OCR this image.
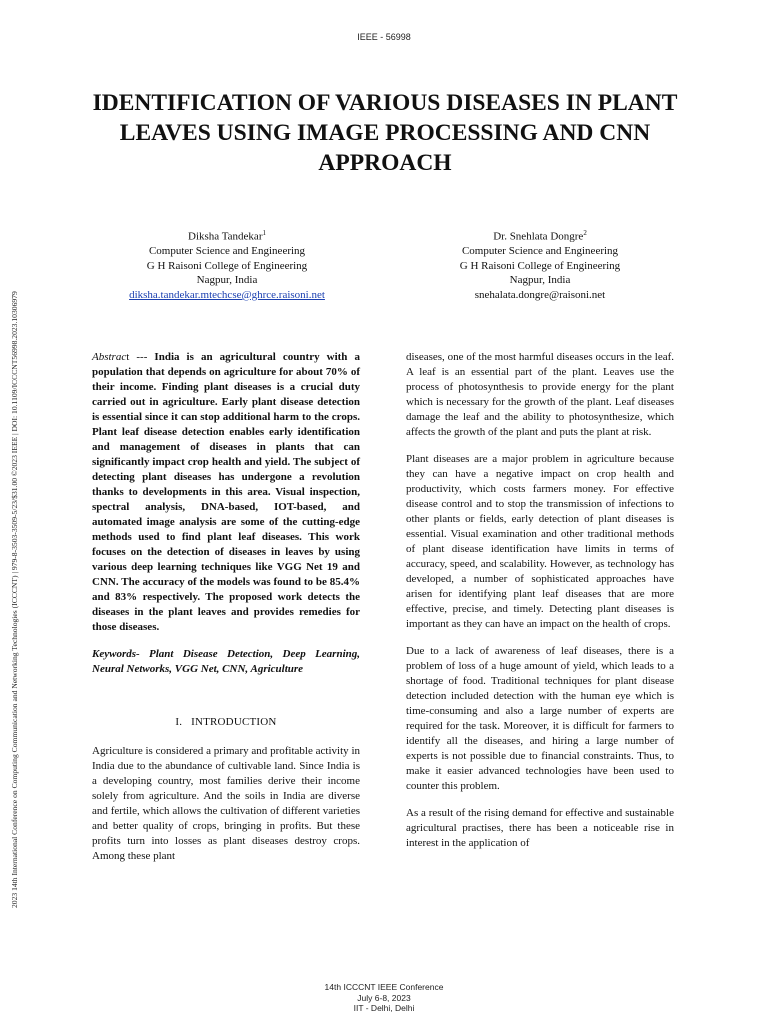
IEEE - 56998
IDENTIFICATION OF VARIOUS DISEASES IN PLANT LEAVES USING IMAGE PROCESSING AND CNN APPROACH
2023 14th International Conference on Computing Communication and Networking Technologies (ICCCNT) | 979-8-3503-3509-5/23/$31.00 ©2023 IEEE | DOI: 10.1109/ICCCNT56998.2023.10306979
Diksha Tandekar$^1$
Computer Science and Engineering
G H Raisoni College of Engineering
Nagpur, India
diksha.tandekar.mtechcse@ghrce.raisoni.net
Dr. Snehlata Dongre$^2$
Computer Science and Engineering
G H Raisoni College of Engineering
Nagpur, India
snehalata.dongre@raisoni.net

Abstract --- India is an agricultural country with a population that depends on agriculture for about 70% of their income. Finding plant diseases is a crucial duty carried out in agriculture. Early plant disease detection is essential since it can stop additional harm to the crops. Plant leaf disease detection enables early identification and management of diseases in plants that can significantly impact crop health and yield. The subject of detecting plant diseases has undergone a revolution thanks to developments in this area. Visual inspection, spectral analysis, DNA-based, IOT-based, and automated image analysis are some of the cutting-edge methods used to find plant leaf diseases. This work focuses on the detection of diseases in leaves by using various deep learning techniques like VGG Net 19 and CNN. The accuracy of the models was found to be 85.4% and 83% respectively. The proposed work detects the diseases in the plant leaves and provides remedies for those diseases.

Keywords- Plant Disease Detection, Deep Learning, Neural Networks, VGG Net, CNN, Agriculture

I. INTRODUCTION

Agriculture is considered a primary and profitable activity in India due to the abundance of cultivable land. Since India is a developing country, most families derive their income solely from agriculture. And the soils in India are diverse and fertile, which allows the cultivation of different varieties and better quality of crops, bringing in profits. But these profits turn into losses as plant diseases destroy crops. Among these plant

diseases, one of the most harmful diseases occurs in the leaf. A leaf is an essential part of the plant. Leaves use the process of photosynthesis to provide energy for the plant which is necessary for the growth of the plant. Leaf diseases damage the leaf and the ability to photosynthesize, which affects the growth of the plant and puts the plant at risk.

Plant diseases are a major problem in agriculture because they can have a negative impact on crop health and productivity, which costs farmers money. For effective disease control and to stop the transmission of infections to other plants or fields, early detection of plant diseases is essential. Visual examination and other traditional methods of plant disease identification have limits in terms of accuracy, speed, and scalability. However, as technology has developed, a number of sophisticated approaches have arisen for identifying plant leaf diseases that are more effective, precise, and timely. Detecting plant diseases is important as they can have an impact on the health of crops.

Due to a lack of awareness of leaf diseases, there is a problem of loss of a huge amount of yield, which leads to a shortage of food. Traditional techniques for plant disease detection included detection with the human eye which is time-consuming and also a large number of experts are required for the task. Moreover, it is difficult for farmers to identify all the diseases, and hiring a large number of experts is not possible due to financial constraints. Thus, to make it easier advanced technologies have been used to counter this problem.

As a result of the rising demand for effective and sustainable agricultural practises, there has been a noticeable rise in interest in the application of

14th ICCCNT IEEE Conference
July 6-8, 2023
IIT - Delhi, Delhi
